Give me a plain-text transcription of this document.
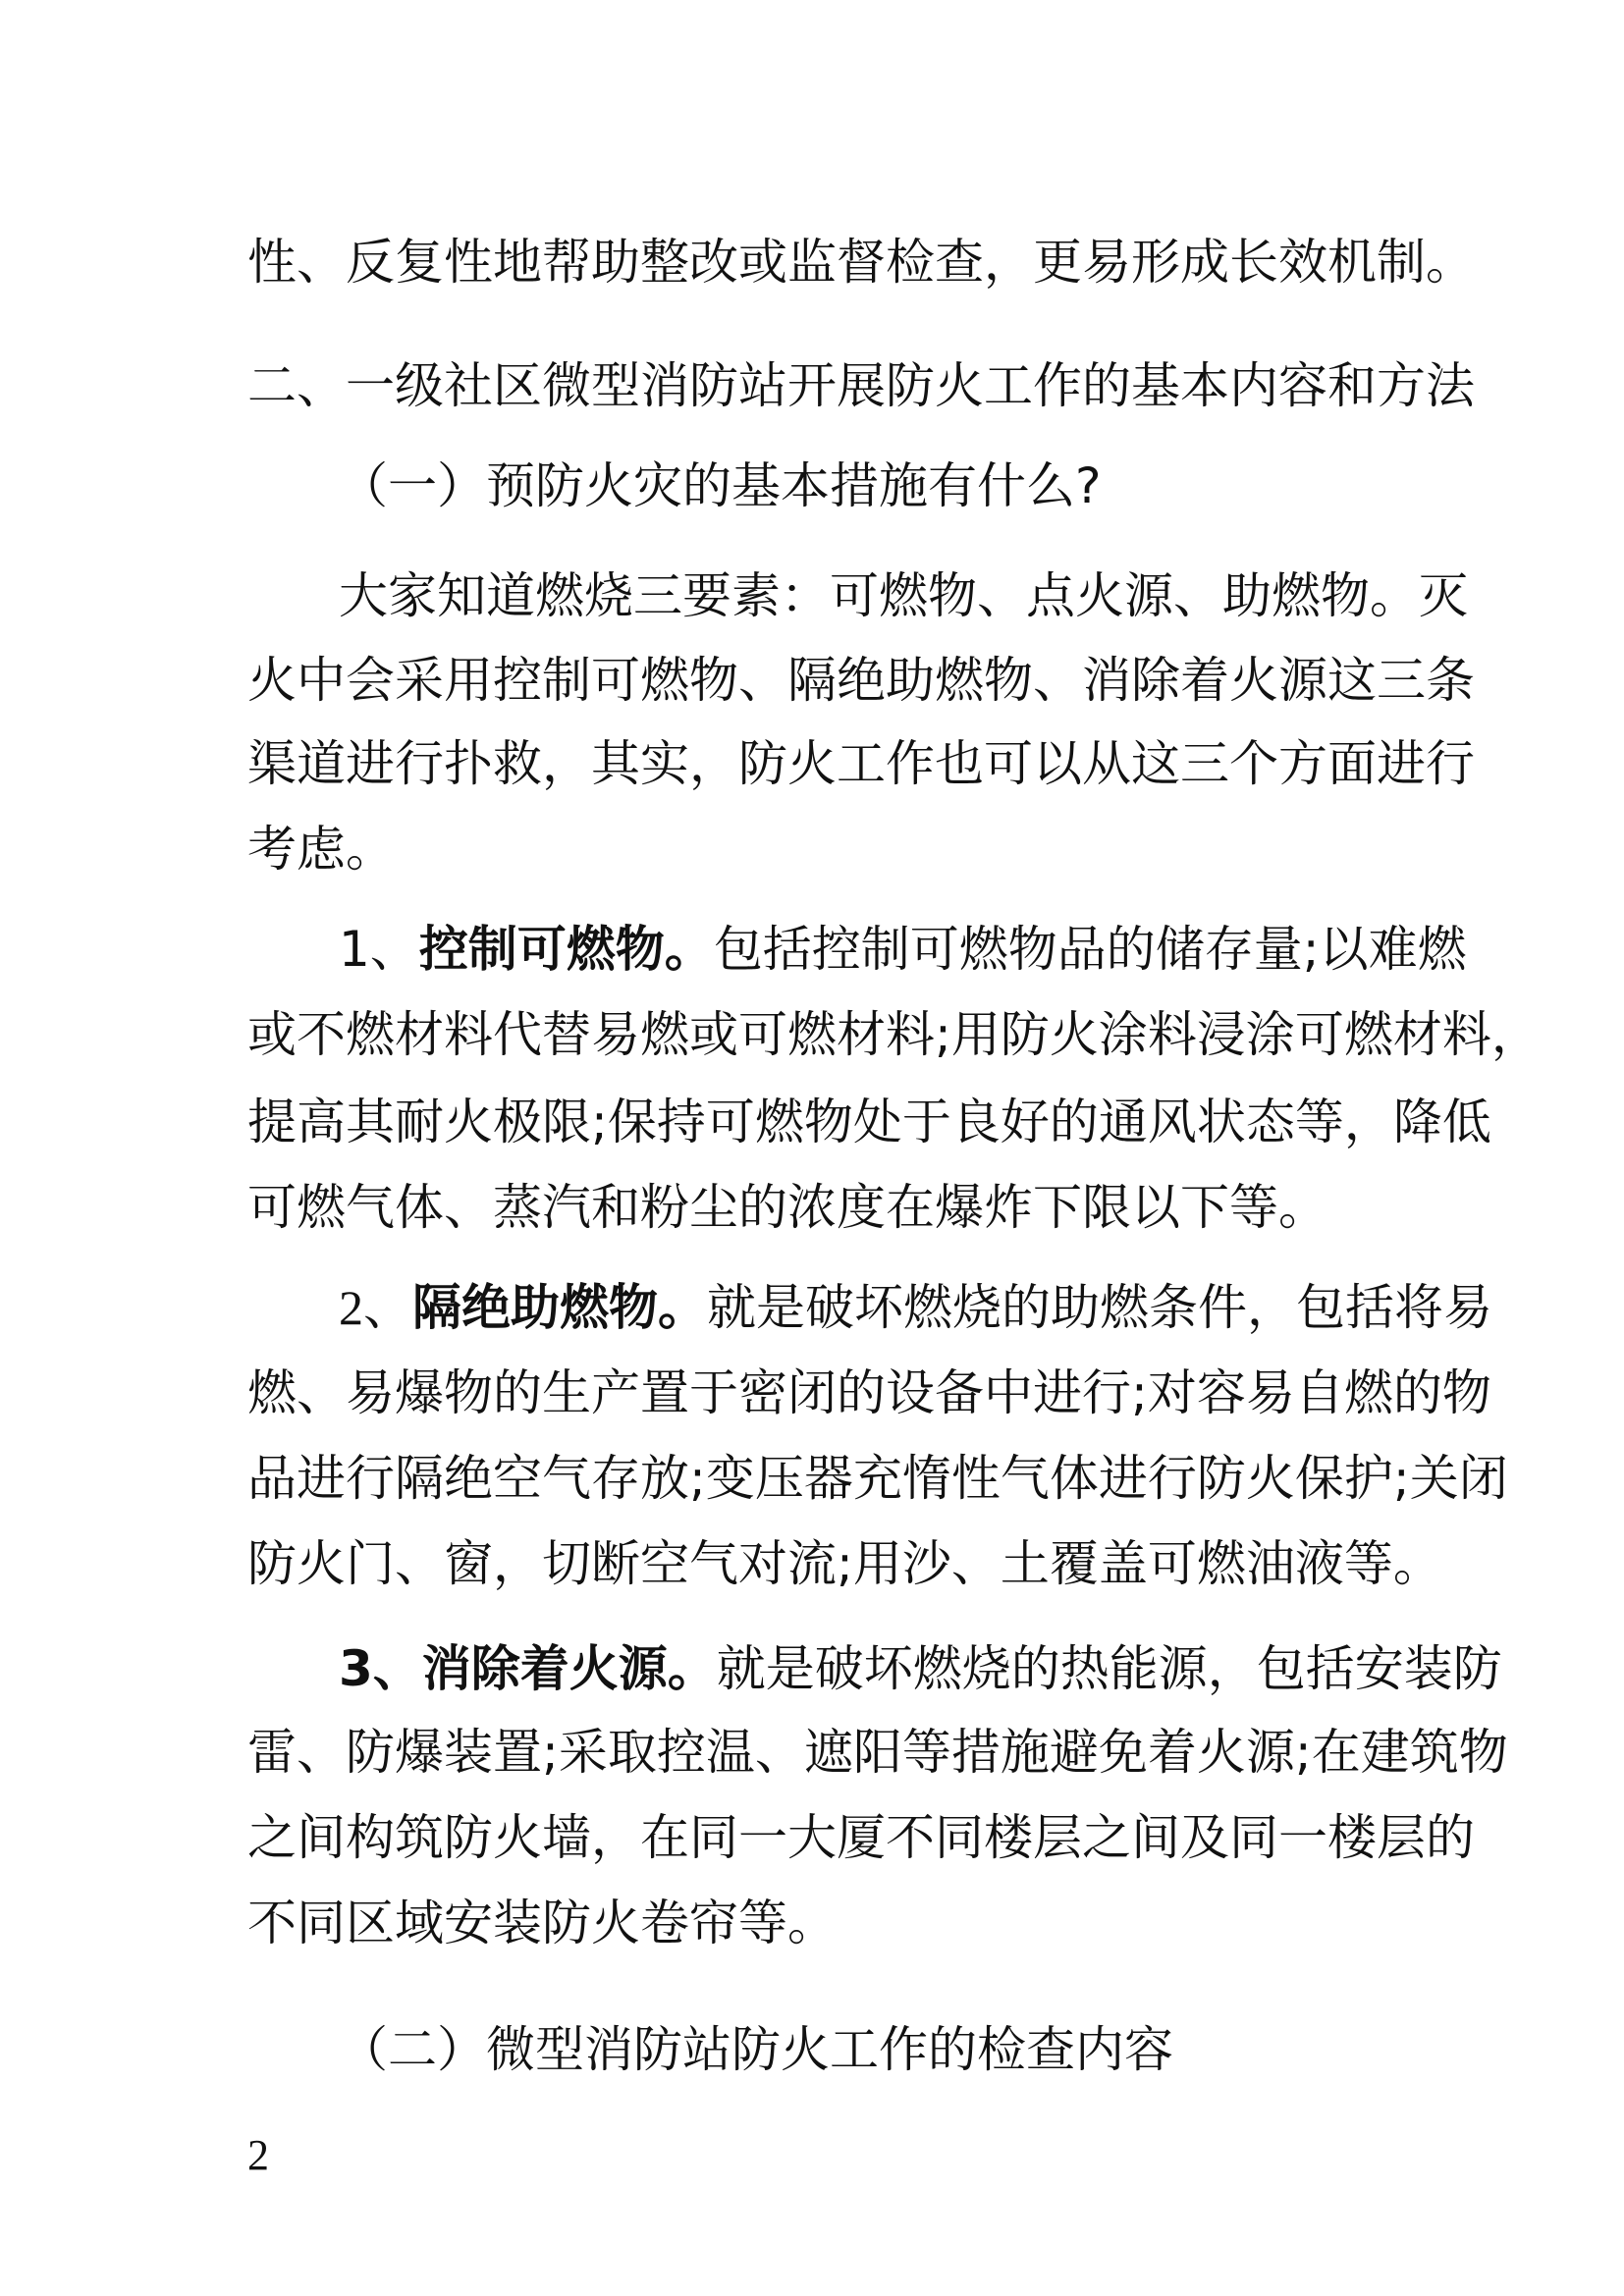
性、反复性地帮助整改或监督检查，更易形成长效机制。
二、一级社区微型消防站开展防火工作的基本内容和方法
（一）预防火灾的基本措施有什么?
大家知道燃烧三要素：可燃物、点火源、助燃物。灭
火中会采用控制可燃物、隔绝助燃物、消除着火源这三条
渠道进行扑救，其实，防火工作也可以从这三个方面进行
考虑。
1、控制可燃物。包括控制可燃物品的储存量;以难燃
或不燃材料代替易燃或可燃材料;用防火涂料浸涂可燃材料，
提高其耐火极限;保持可燃物处于良好的通风状态等，降低
可燃气体、蒸汽和粉尘的浓度在爆炸下限以下等。
2、隔绝助燃物。就是破坏燃烧的助燃条件，包括将易
燃、易爆物的生产置于密闭的设备中进行;对容易自燃的物
品进行隔绝空气存放;变压器充惰性气体进行防火保护;关闭
防火门、窗，切断空气对流;用沙、土覆盖可燃油液等。
3、消除着火源。就是破坏燃烧的热能源，包括安装防
雷、防爆装置;采取控温、遮阳等措施避免着火源;在建筑物
之间构筑防火墙，在同一大厦不同楼层之间及同一楼层的
不同区域安装防火卷帘等。
（二）微型消防站防火工作的检查内容
2
